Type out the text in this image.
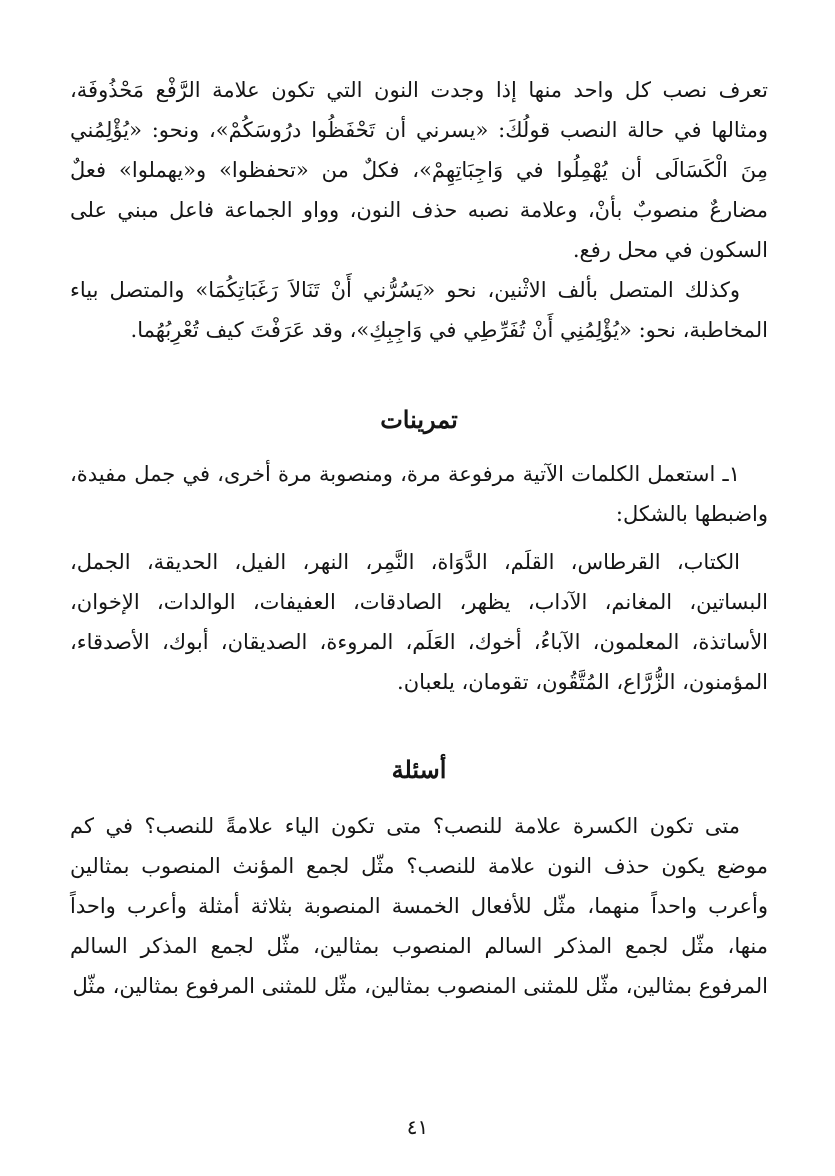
تعرف نصب كل واحد منها إذا وجدت النون التي تكون علامة الرَّفْع مَحْذُوفَة، ومثالها في حالة النصب قولُكَ: «يسرني أن تَحْفَظُوا درُوسَكُمْ»، ونحو: «يُؤْلِمُني مِنَ الْكَسَالَى أن يُهْمِلُوا في وَاجِبَاتِهِمْ»، فكلٌ من «تحفظوا» و«يهملوا» فعلٌ مضارعٌ منصوبٌ بأنْ، وعلامة نصبه حذف النون، وواو الجماعة فاعل مبني على السكون في محل رفع.

وكذلك المتصل بألف الاثْنين، نحو «يَسُرُّني أَنْ تَنَالاَ رَغَبَاتِكُمَا» والمتصل بياء المخاطبة، نحو: «يُؤْلِمُنِي أَنْ تُفَرِّطِي في وَاجِبِكِ»، وقد عَرَفْتَ كيف تُعْرِبُهُما.

تمرينات

١ـ استعمل الكلمات الآتية مرفوعة مرة، ومنصوبة مرة أخرى، في جمل مفيدة، واضبطها بالشكل:

الكتاب، القرطاس، القلَم، الدَّوَاة، النَّمِر، النهر، الفيل، الحديقة، الجمل، البساتين، المغانم، الآداب، يظهر، الصادقات، العفيفات، الوالدات، الإخوان، الأساتذة، المعلمون، الآباءُ، أخوك، العَلَم، المروءة، الصديقان، أبوك، الأصدقاء، المؤمنون، الزُّرَّاع، المُتَّقُون، تقومان، يلعبان.

أسئلة

متى تكون الكسرة علامة للنصب؟ متى تكون الياء علامةً للنصب؟ في كم موضع يكون حذف النون علامة للنصب؟ مثّل لجمع المؤنث المنصوب بمثالين وأعرب واحداً منهما، مثّل للأفعال الخمسة المنصوبة بثلاثة أمثلة وأعرب واحداً منها، مثّل لجمع المذكر السالم المنصوب بمثالين، مثّل لجمع المذكر السالم المرفوع بمثالين، مثّل للمثنى المنصوب بمثالين، مثّل للمثنى المرفوع بمثالين، مثّل

٤١
